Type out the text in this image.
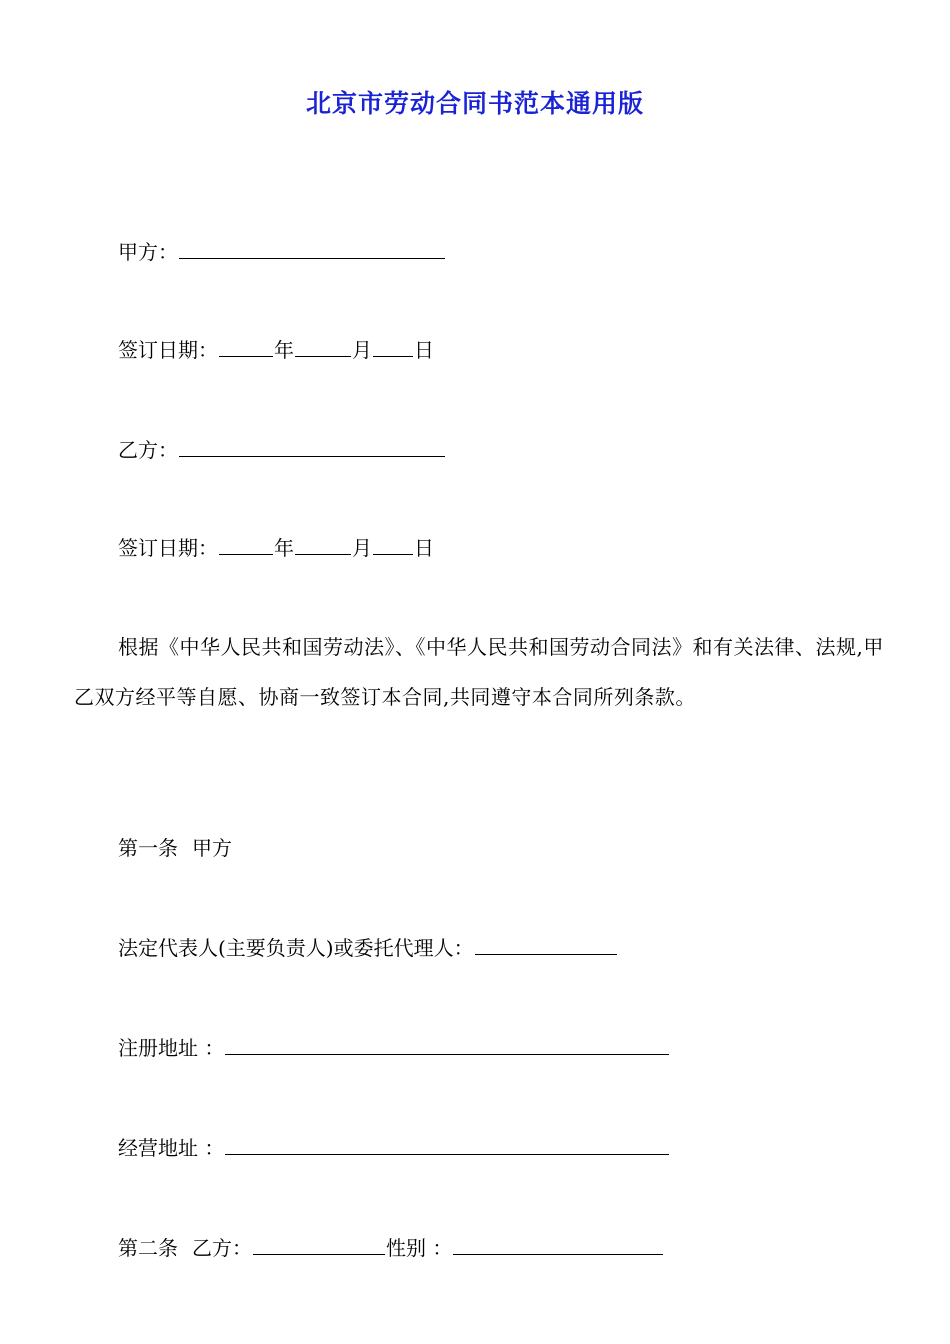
北京市劳动合同书范本通用版
甲方：
签订日期：	年	月 日
乙方：
签订日期：	年	月 日
根据《中华人民共和国劳动法》、《中华人民共和国劳动合同法》和有关法律、法规,甲乙双方经平等自愿、协商一致签订本合同,共同遵守本合同所列条款。
第一条 甲方
法定代表人(主要负责人)或委托代理人：
注册地址 ：
经营地址 ：
第二条 乙方：	性别 ：
